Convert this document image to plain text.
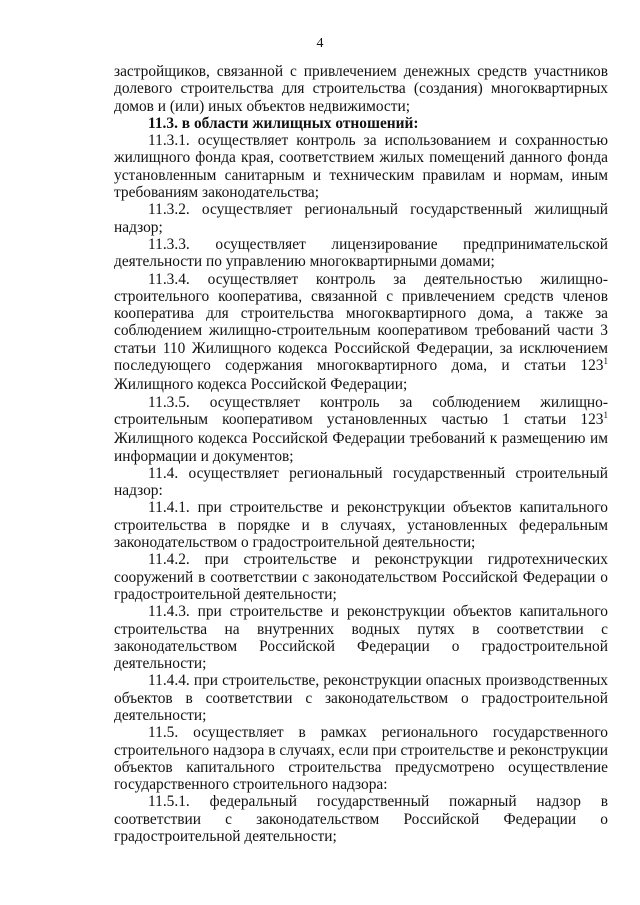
4

застройщиков, связанной с привлечением денежных средств участников долевого строительства для строительства (создания) многоквартирных домов и (или) иных объектов недвижимости;

11.3. в области жилищных отношений:

11.3.1. осуществляет контроль за использованием и сохранностью жилищного фонда края, соответствием жилых помещений данного фонда установленным санитарным и техническим правилам и нормам, иным требованиям законодательства;

11.3.2. осуществляет региональный государственный жилищный надзор;

11.3.3. осуществляет лицензирование предпринимательской деятельности по управлению многоквартирными домами;

11.3.4. осуществляет контроль за деятельностью жилищно-строительного кооператива, связанной с привлечением средств членов кооператива для строительства многоквартирного дома, а также за соблюдением жилищно-строительным кооперативом требований части 3 статьи 110 Жилищного кодекса Российской Федерации, за исключением последующего содержания многоквартирного дома, и статьи $123^1$ Жилищного кодекса Российской Федерации;

11.3.5. осуществляет контроль за соблюдением жилищно-строительным кооперативом установленных частью 1 статьи $123^1$ Жилищного кодекса Российской Федерации требований к размещению им информации и документов;

11.4. осуществляет региональный государственный строительный надзор:

11.4.1. при строительстве и реконструкции объектов капитального строительства в порядке и в случаях, установленных федеральным законодательством о градостроительной деятельности;

11.4.2. при строительстве и реконструкции гидротехнических сооружений в соответствии с законодательством Российской Федерации о градостроительной деятельности;

11.4.3. при строительстве и реконструкции объектов капитального строительства на внутренних водных путях в соответствии с законодательством Российской Федерации о градостроительной деятельности;

11.4.4. при строительстве, реконструкции опасных производственных объектов в соответствии с законодательством о градостроительной деятельности;

11.5. осуществляет в рамках регионального государственного строительного надзора в случаях, если при строительстве и реконструкции объектов капитального строительства предусмотрено осуществление государственного строительного надзора:

11.5.1. федеральный государственный пожарный надзор в соответствии с законодательством Российской Федерации о градостроительной деятельности;
